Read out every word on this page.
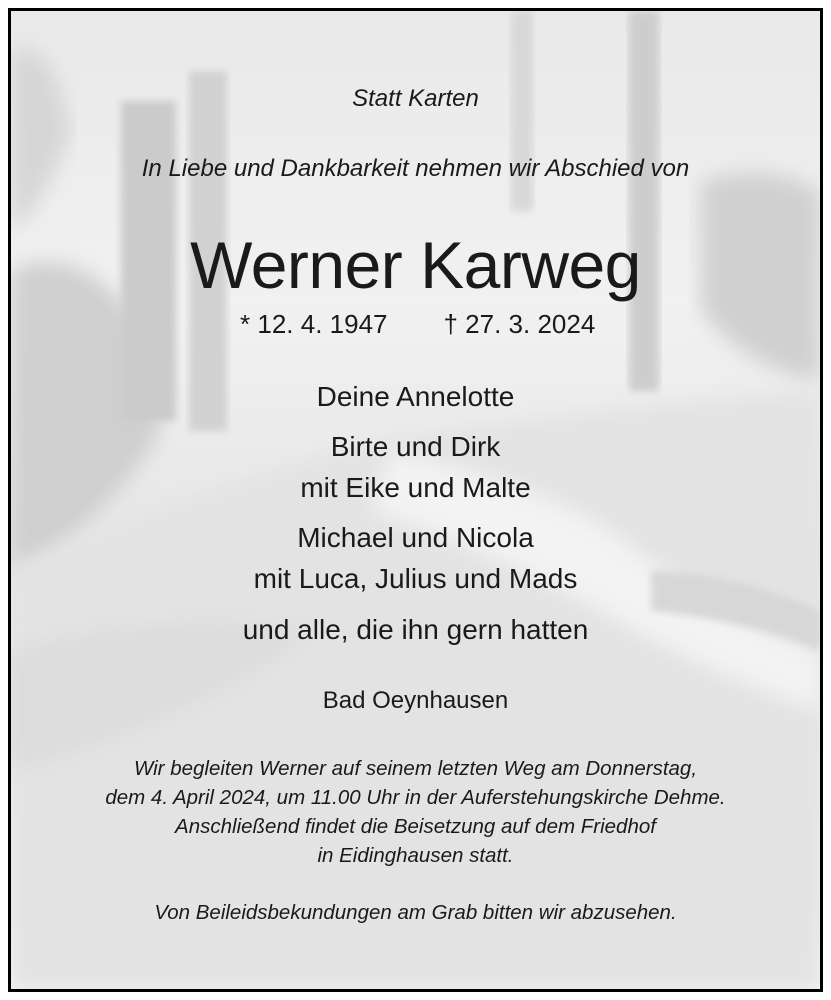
Statt Karten
In Liebe und Dankbarkeit nehmen wir Abschied von
Werner Karweg
* 12. 4. 1947 † 27. 3. 2024
Deine Annelotte
Birte und Dirk
mit Eike und Malte
Michael und Nicola
mit Luca, Julius und Mads
und alle, die ihn gern hatten
Bad Oeynhausen
Wir begleiten Werner auf seinem letzten Weg am Donnerstag,
dem 4. April 2024, um 11.00 Uhr in der Auferstehungskirche Dehme.
Anschließend findet die Beisetzung auf dem Friedhof
in Eidinghausen statt.
Von Beileidsbekundungen am Grab bitten wir abzusehen.
